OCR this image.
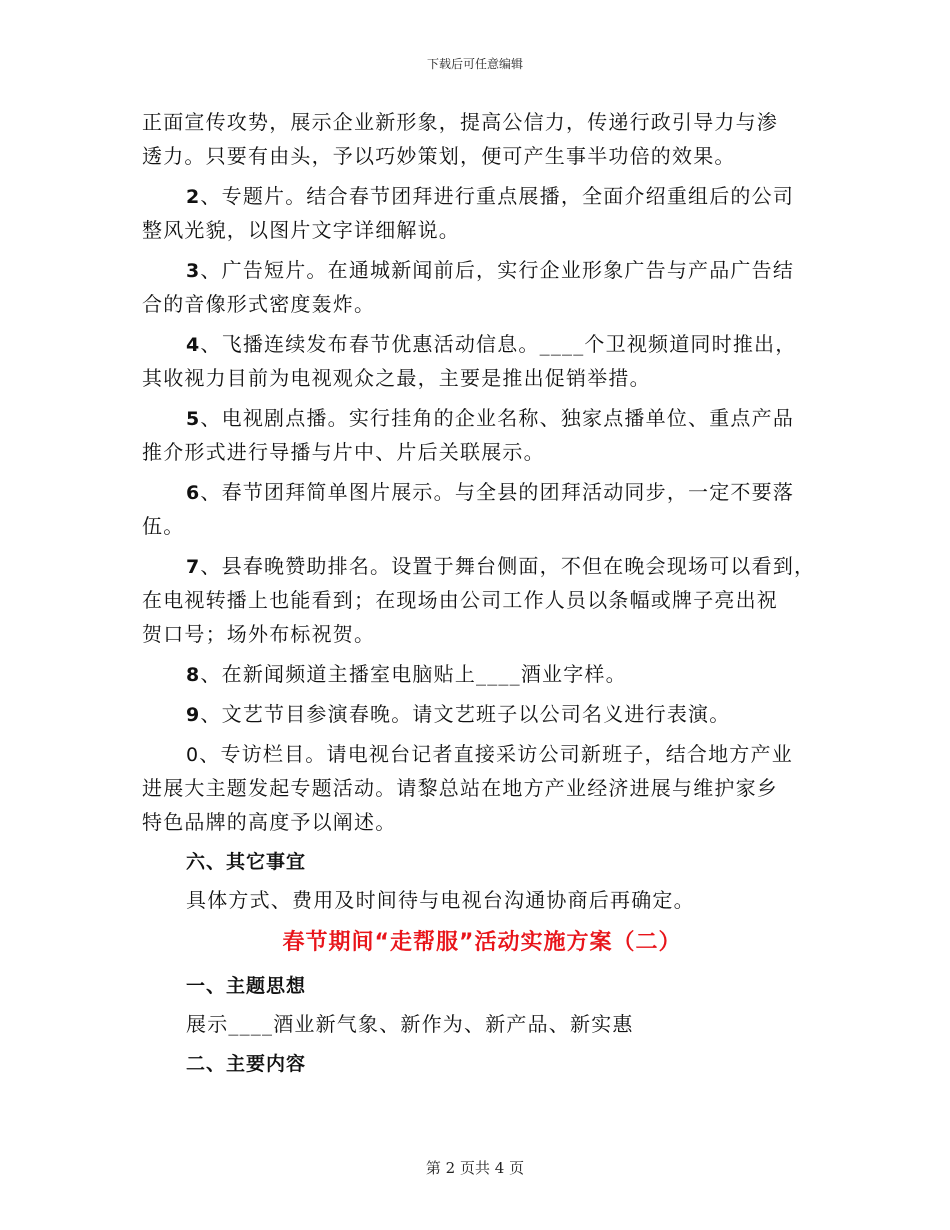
下载后可任意编辑
正面宣传攻势，展示企业新形象，提高公信力，传递行政引导力与渗
透力。只要有由头，予以巧妙策划，便可产生事半功倍的效果。
2、专题片。结合春节团拜进行重点展播，全面介绍重组后的公司
整风光貌，以图片文字详细解说。
3、广告短片。在通城新闻前后，实行企业形象广告与产品广告结
合的音像形式密度轰炸。
4、飞播连续发布春节优惠活动信息。____个卫视频道同时推出，
其收视力目前为电视观众之最，主要是推出促销举措。
5、电视剧点播。实行挂角的企业名称、独家点播单位、重点产品
推介形式进行导播与片中、片后关联展示。
6、春节团拜简单图片展示。与全县的团拜活动同步，一定不要落
伍。
7、县春晚赞助排名。设置于舞台侧面，不但在晚会现场可以看到，
在电视转播上也能看到；在现场由公司工作人员以条幅或牌子亮出祝
贺口号；场外布标祝贺。
8、在新闻频道主播室电脑贴上____酒业字样。
9、文艺节目参演春晚。请文艺班子以公司名义进行表演。
0、专访栏目。请电视台记者直接采访公司新班子，结合地方产业
进展大主题发起专题活动。请黎总站在地方产业经济进展与维护家乡
特色品牌的高度予以阐述。
六、其它事宜
具体方式、费用及时间待与电视台沟通协商后再确定。
春节期间“走帮服”活动实施方案（二）
一、主题思想
展示____酒业新气象、新作为、新产品、新实惠
二、主要内容
第 2 页共 4 页
